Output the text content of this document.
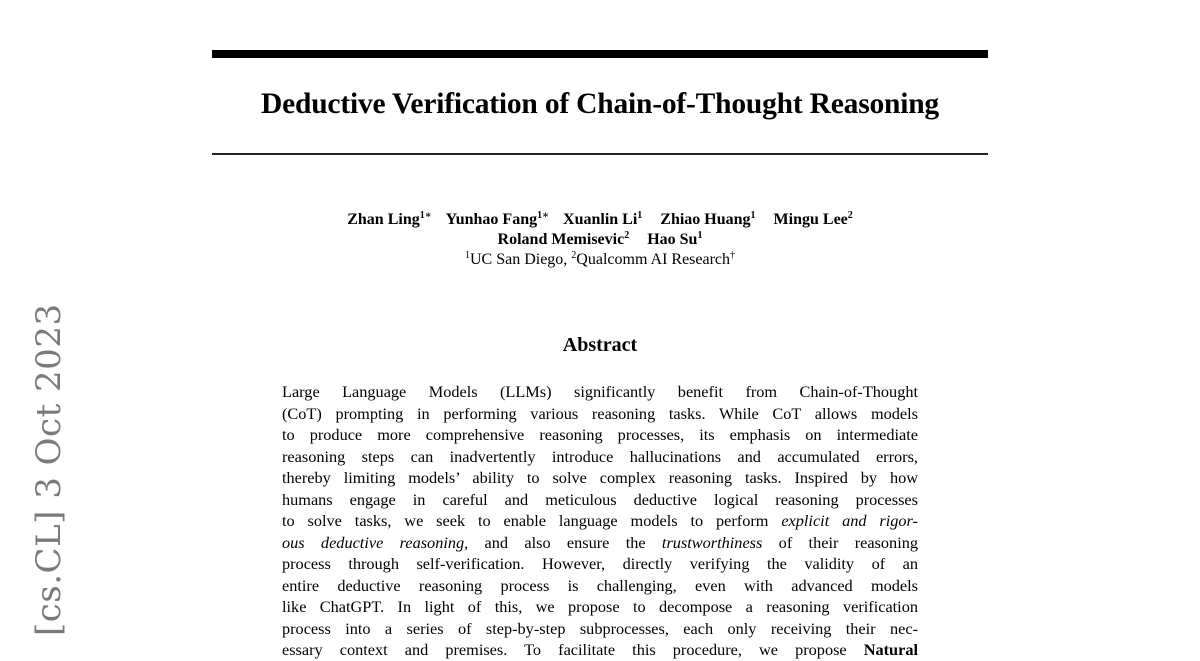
Deductive Verification of Chain-of-Thought Reasoning
Zhan Ling$^{1∗}$ Yunhao Fang$^{1∗}$ Xuanlin Li$^1$ Zhiao Huang$^1$ Mingu Lee$^2$
Roland Memisevic$^2$ Hao Su$^1$
$^1$UC San Diego, $^2$Qualcomm AI Research†
[cs.CL] 3 Oct 2023	Abstract
Large Language Models (LLMs) significantly benefit from Chain-of-Thought
(CoT) prompting in performing various reasoning tasks. While CoT allows models
to produce more comprehensive reasoning processes, its emphasis on intermediate
reasoning steps can inadvertently introduce hallucinations and accumulated errors,
thereby limiting models’ ability to solve complex reasoning tasks. Inspired by how
humans engage in careful and meticulous deductive logical reasoning processes
to solve tasks, we seek to enable language models to perform explicit and rigor-
ous deductive reasoning, and also ensure the trustworthiness of their reasoning
process through self-verification. However, directly verifying the validity of an
entire deductive reasoning process is challenging, even with advanced models
like ChatGPT. In light of this, we propose to decompose a reasoning verification
process into a series of step-by-step subprocesses, each only receiving their nec-
essary context and premises. To facilitate this procedure, we propose Natural
